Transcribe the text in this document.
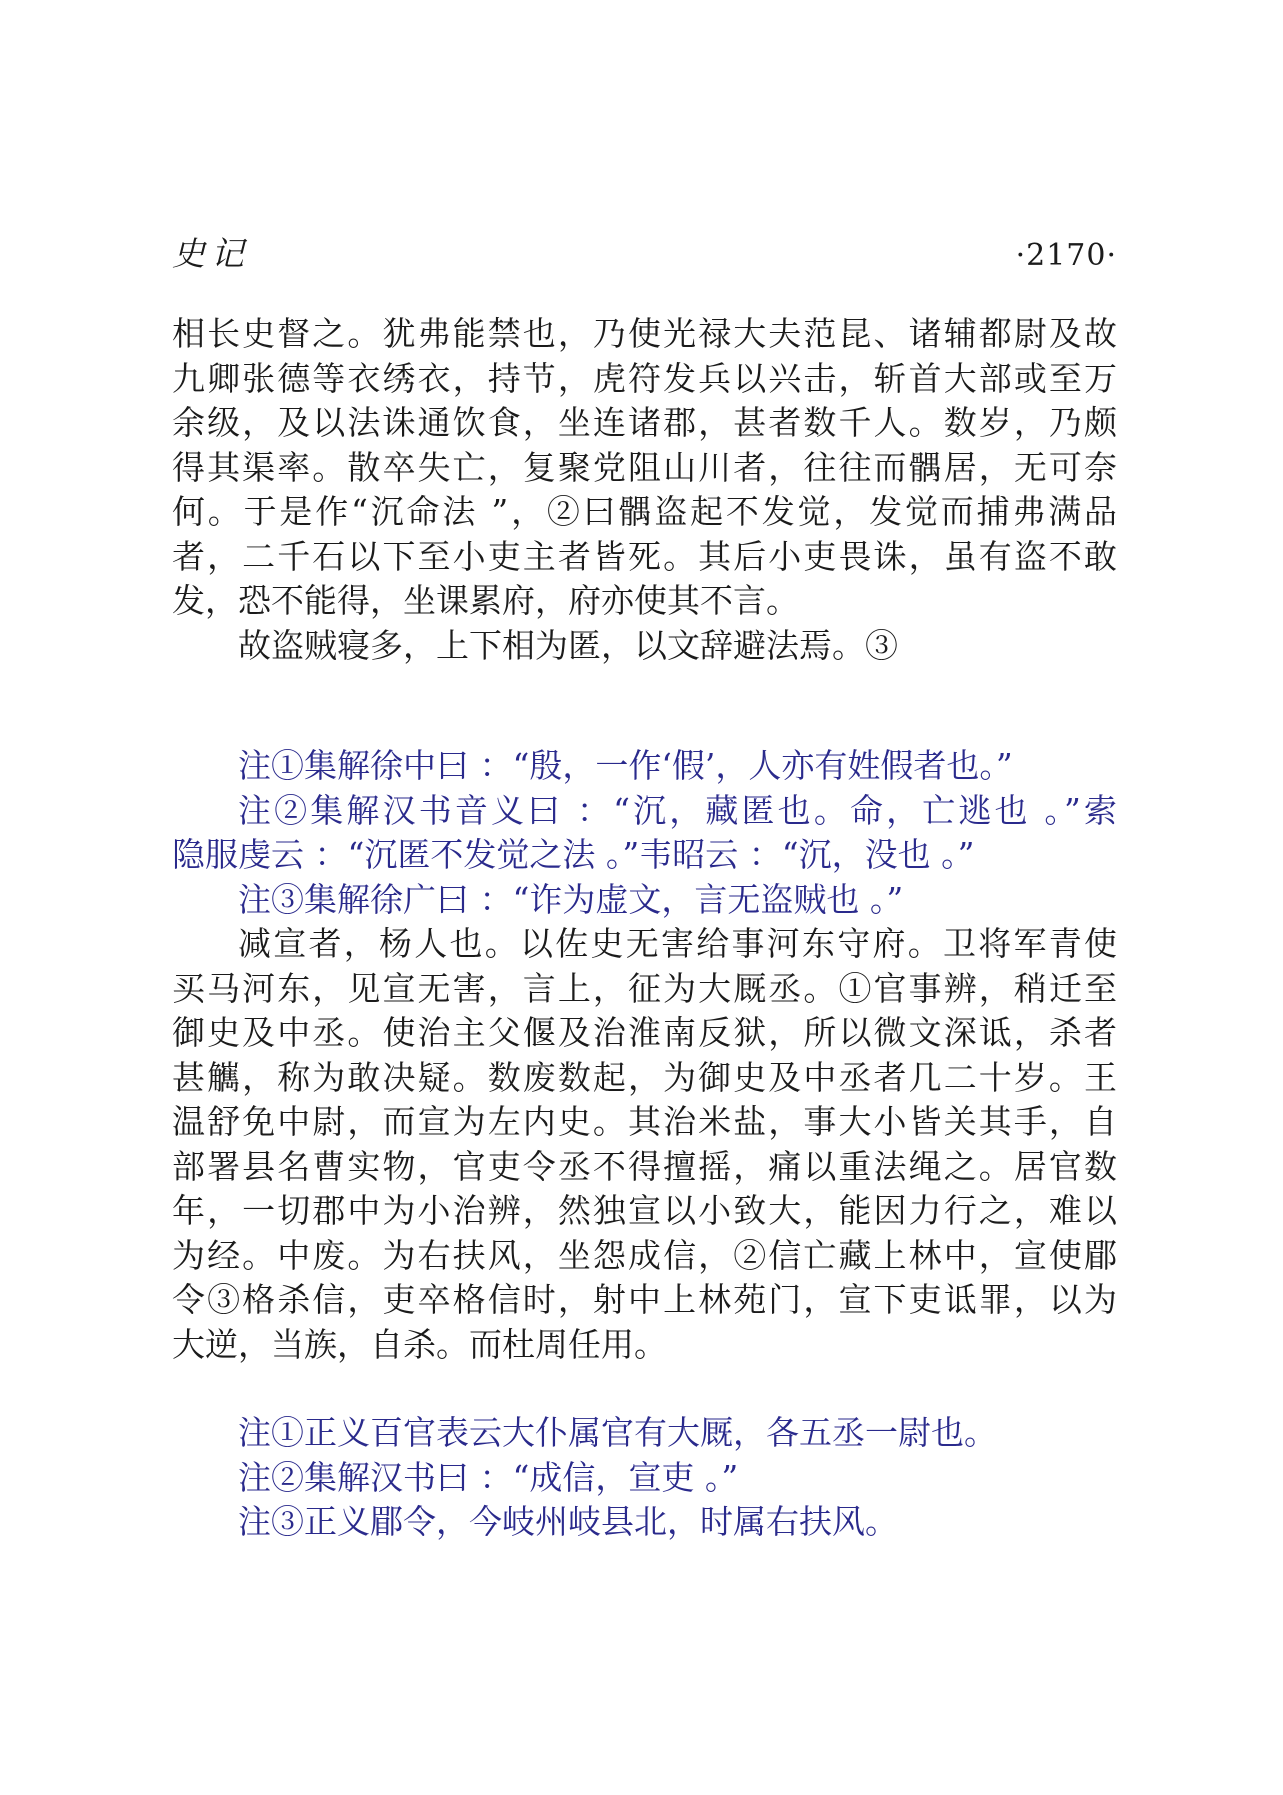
史记	·2170·
相长史督之。犹弗能禁也，乃使光禄大夫范昆、诸辅都尉及故
九卿张德等衣绣衣，持节，虎符发兵以兴击，斩首大部或至万
余级，及以法诛通饮食，坐连诸郡，甚者数千人。数岁，乃颇
得其渠率。散卒失亡，复聚党阻山川者，往往而髃居，无可奈
何。于是作“沉命法 ”，②曰髃盗起不发觉，发觉而捕弗满品
者，二千石以下至小吏主者皆死。其后小吏畏诛，虽有盗不敢
发，恐不能得，坐课累府，府亦使其不言。
故盗贼寝多，上下相为匿，以文辞避法焉。③
注①集解徐中曰 ：“殷，一作‘假’，人亦有姓假者也。”
注②集解汉书音义曰 ：“沉，藏匿也。命，亡逃也 。”索
隐服虔云 ：“沉匿不发觉之法 。”韦昭云 ：“沉，没也 。”
注③集解徐广曰 ：“诈为虚文，言无盗贼也 。”
减宣者，杨人也。以佐史无害给事河东守府。卫将军青使
买马河东，见宣无害，言上，征为大厩丞。①官事辨，稍迁至
御史及中丞。使治主父偃及治淮南反狱，所以微文深诋，杀者
甚觽，称为敢决疑。数废数起，为御史及中丞者几二十岁。王
温舒免中尉，而宣为左内史。其治米盐，事大小皆关其手，自
部署县名曹实物，官吏令丞不得擅摇，痛以重法绳之。居官数
年，一切郡中为小治辨，然独宣以小致大，能因力行之，难以
为经。中废。为右扶风，坐怨成信，②信亡藏上林中，宣使郿
令③格杀信，吏卒格信时，射中上林苑门，宣下吏诋罪，以为
大逆，当族，自杀。而杜周任用。
注①正义百官表云大仆属官有大厩，各五丞一尉也。
注②集解汉书曰 ：“成信，宣吏 。”
注③正义郿令，今岐州岐县北，时属右扶风。
